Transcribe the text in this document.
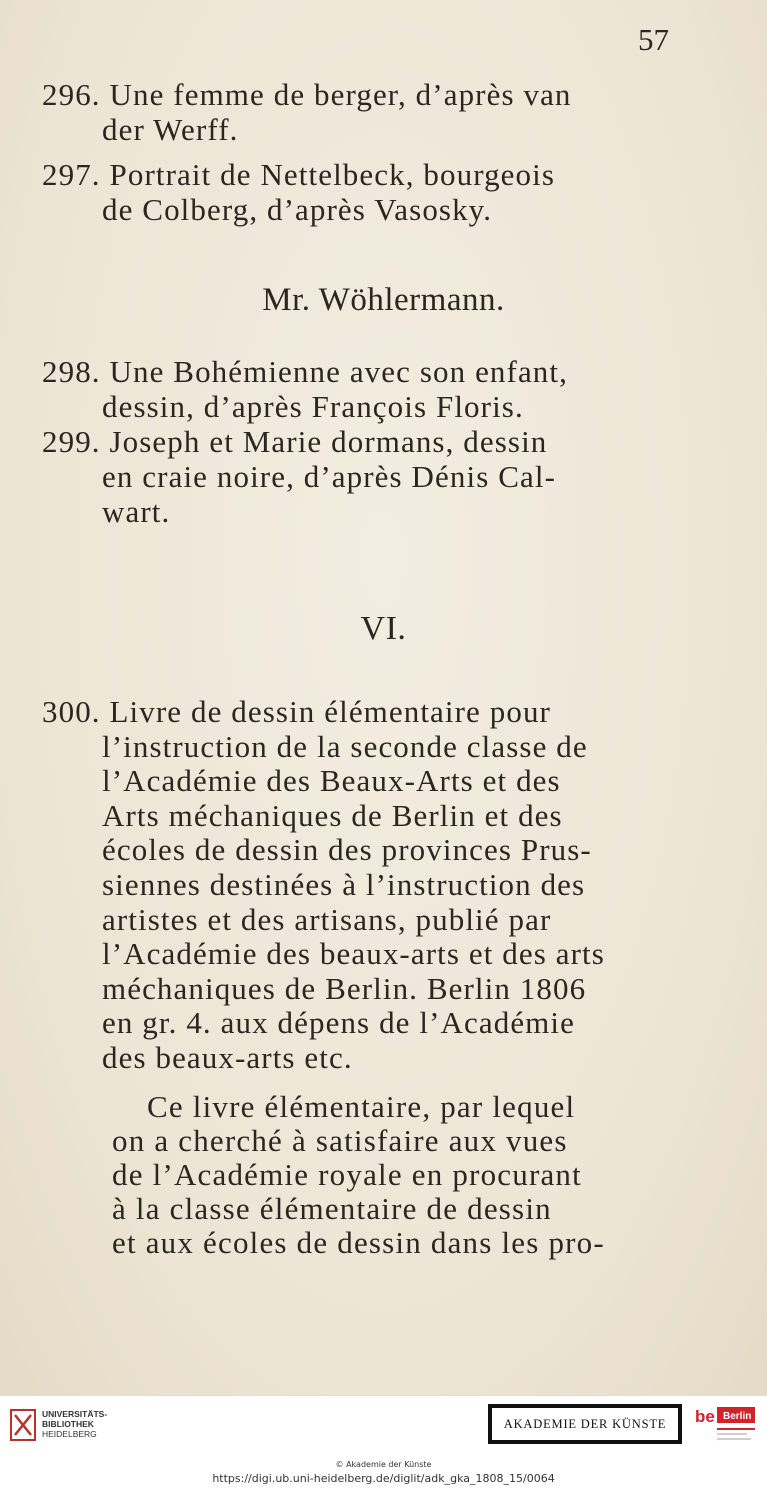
57
296. Une femme de berger, d’après van
der Werff.
297. Portrait de Nettelbeck, bourgeois
de Colberg, d’après Vasosky.
Mr. Wöhlermann.
298. Une Bohémienne avec son enfant,
dessin, d’après François Floris.
299. Joseph et Marie dormans, dessin
en craie noire, d’après Dénis Cal-
wart.
VI.
300. Livre de dessin élémentaire pour
l’instruction de la seconde classe de
l’Académie des Beaux-Arts et des
Arts méchaniques de Berlin et des
écoles de dessin des provinces Prus-
siennes destinées à l’instruction des
artistes et des artisans, publié par
l’Académie des beaux-arts et des arts
méchaniques de Berlin. Berlin 1806
en gr. 4. aux dépens de l’Académie
des beaux-arts etc.
Ce livre élémentaire, par lequel
on a cherché à satisfaire aux vues
de l’Académie royale en procurant
à la classe élémentaire de dessin
et aux écoles de dessin dans les pro-
UNIVERSITÄTS-
BIBLIOTHEK
HEIDELBERG
AKADEMIE DER KÜNSTE	be Berlin
© Akademie der Künste
https://digi.ub.uni-heidelberg.de/diglit/adk_gka_1808_15/0064
